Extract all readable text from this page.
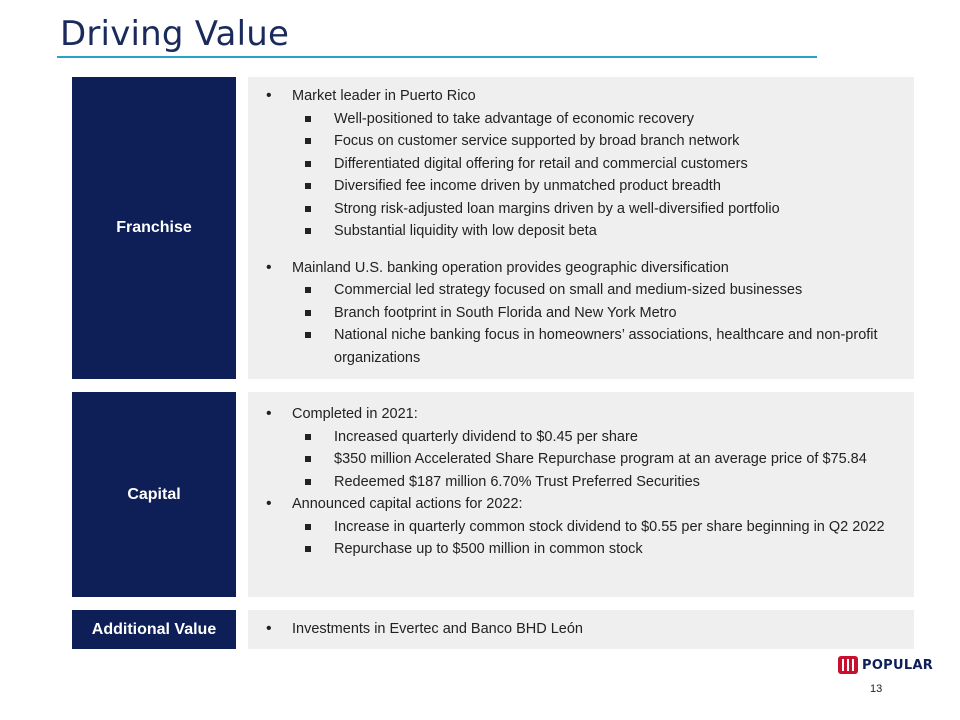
Driving Value
Franchise
• Market leader in Puerto Rico
Well-positioned to take advantage of economic recovery
Focus on customer service supported by broad branch network
Differentiated digital offering for retail and commercial customers
Diversified fee income driven by unmatched product breadth
Strong risk-adjusted loan margins driven by a well-diversified portfolio
Substantial liquidity with low deposit beta
• Mainland U.S. banking operation provides geographic diversification
Commercial led strategy focused on small and medium-sized businesses
Branch footprint in South Florida and New York Metro
National niche banking focus in homeowners’ associations, healthcare and non-profit organizations
Capital
• Completed in 2021:
Increased quarterly dividend to $0.45 per share
$350 million Accelerated Share Repurchase program at an average price of $75.84
Redeemed $187 million 6.70% Trust Preferred Securities
• Announced capital actions for 2022:
Increase in quarterly common stock dividend to $0.55 per share beginning in Q2 2022
Repurchase up to $500 million in common stock
Additional Value	• Investments in Evertec and Banco BHD León
POPULAR
13
